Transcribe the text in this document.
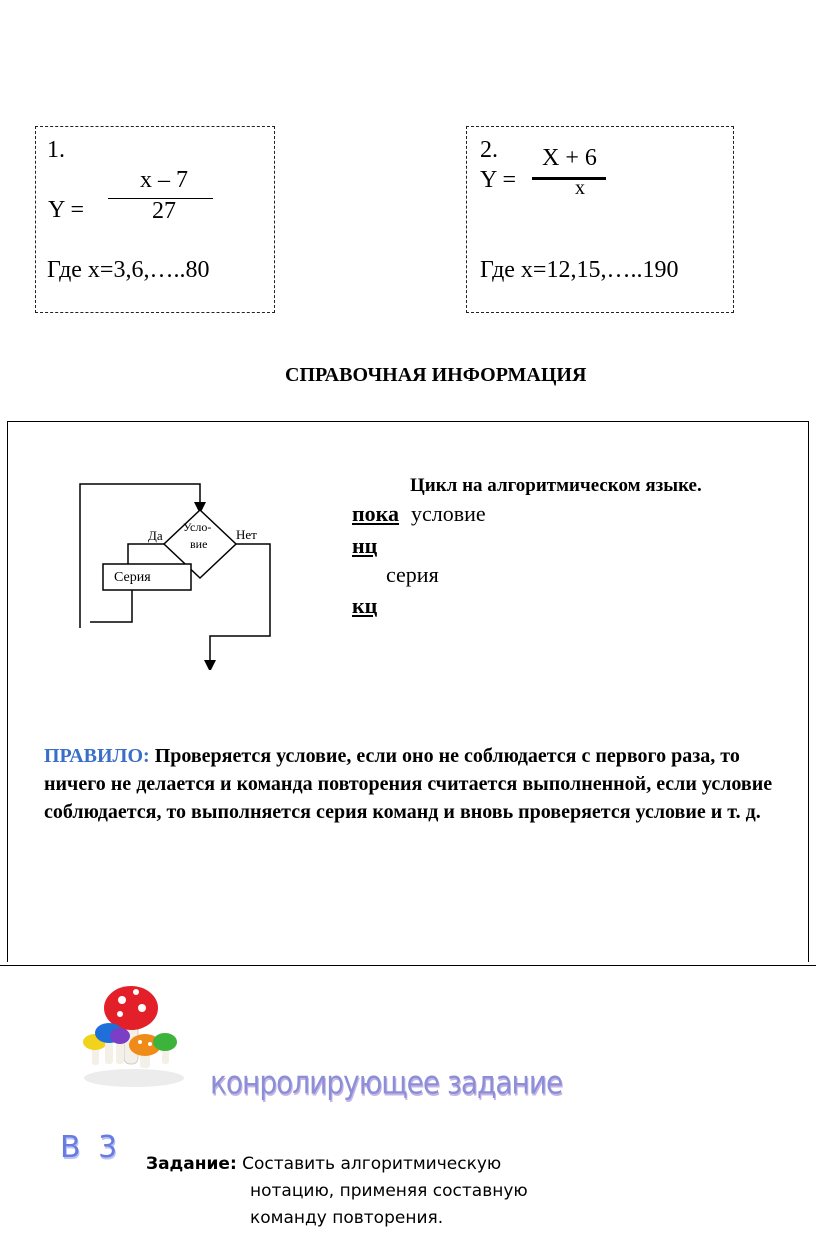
1.
x – 7
Y =	27
Где x=3,6,…..80
2. X + 6
Y =	x
Где x=12,15,…..190
СПРАВОЧНАЯ ИНФОРМАЦИЯ
Да	Нет
Усло-
вие
Серия
Цикл на алгоритмическом языке.
пока условие
нц
серия
кц
ПРАВИЛО: Проверяется условие, если оно не соблюдается с первого раза, то ничего не делается и команда повторения считается выполненной, если условие соблюдается, то выполняется серия команд и вновь проверяется условие и т. д.
конролирующее задание
В 3 Задание: Составить алгоритмическую
нотацию, применяя составную
команду повторения.
